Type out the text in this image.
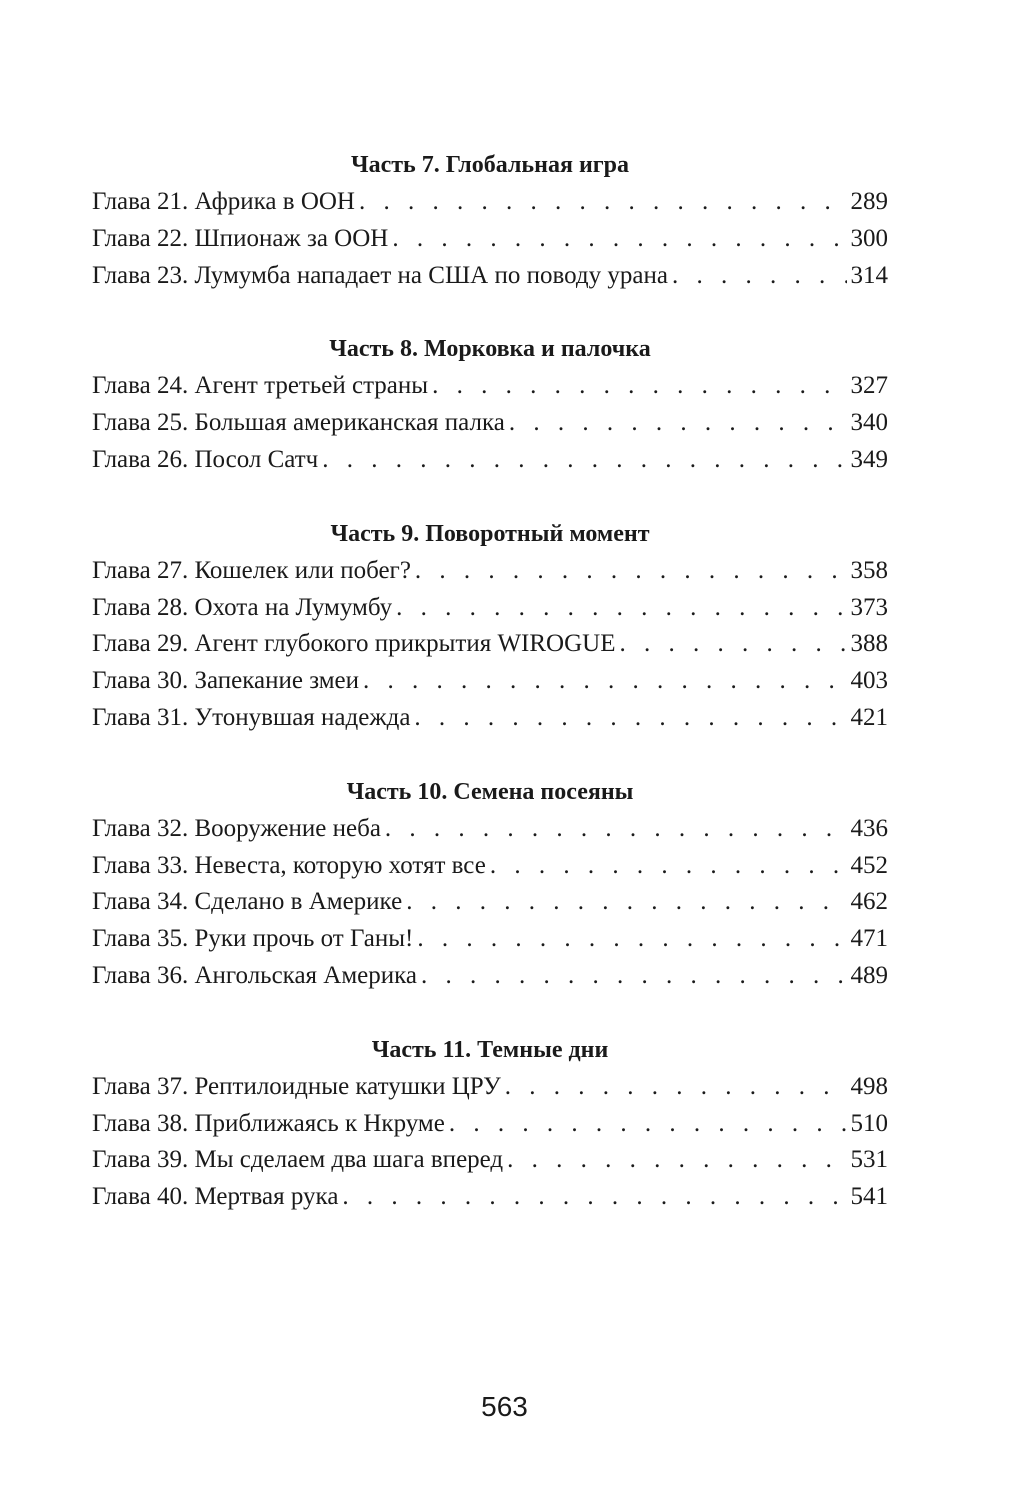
Часть 7. Глобальная игра
Глава 21. Африка в ООН . . .	289
Глава 22. Шпионаж за ООН . . .	300
Глава 23. Лумумба нападает на США по поводу урана . . .	314
Часть 8. Морковка и палочка
Глава 24. Агент третьей страны . . .	327
Глава 25. Большая американская палка . . .	340
Глава 26. Посол Сатч . . .	349
Часть 9. Поворотный момент
Глава 27. Кошелек или побег? . . .	358
Глава 28. Охота на Лумумбу . . .	373
Глава 29. Агент глубокого прикрытия WIROGUE . . .	388
Глава 30. Запекание змеи . . .	403
Глава 31. Утонувшая надежда . . .	421
Часть 10. Семена посеяны
Глава 32. Вооружение неба . . .	436
Глава 33. Невеста, которую хотят все . . .	452
Глава 34. Сделано в Америке . . .	462
Глава 35. Руки прочь от Ганы! . . .	471
Глава 36. Ангольская Америка . . .	489
Часть 11. Темные дни
Глава 37. Рептилоидные катушки ЦРУ . . .	498
Глава 38. Приближаясь к Нкруме . . .	510
Глава 39. Мы сделаем два шага вперед . . .	531
Глава 40. Мертвая рука . . .	541
563
